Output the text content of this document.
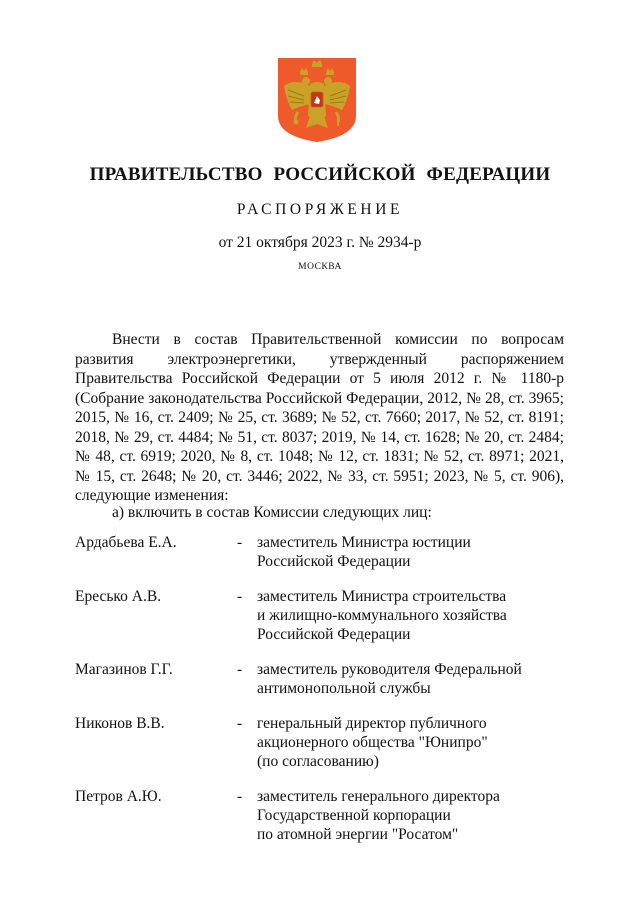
ПРАВИТЕЛЬСТВО РОССИЙСКОЙ ФЕДЕРАЦИИ
РАСПОРЯЖЕНИЕ
от 21 октября 2023 г. № 2934-р
МОСКВА

Внести в состав Правительственной комиссии по вопросам развития электроэнергетики, утвержденный распоряжением Правительства Российской Федерации от 5 июля 2012 г. № 1180-р (Собрание законодательства Российской Федерации, 2012, № 28, ст. 3965; 2015, № 16, ст. 2409; № 25, ст. 3689; № 52, ст. 7660; 2017, № 52, ст. 8191; 2018, № 29, ст. 4484; № 51, ст. 8037; 2019, № 14, ст. 1628; № 20, ст. 2484; № 48, ст. 6919; 2020, № 8, ст. 1048; № 12, ст. 1831; № 52, ст. 8971; 2021, № 15, ст. 2648; № 20, ст. 3446; 2022, № 33, ст. 5951; 2023, № 5, ст. 906), следующие изменения:

а) включить в состав Комиссии следующих лиц:

Ардабьева Е.А.	- заместитель Министра юстиции
Российской Федерации
Ересько А.В.	- заместитель Министра строительства
и жилищно-коммунального хозяйства
Российской Федерации
Магазинов Г.Г.	- заместитель руководителя Федеральной
антимонопольной службы
Никонов В.В.	- генеральный директор публичного
акционерного общества "Юнипро"
(по согласованию)
Петров А.Ю.	- заместитель генерального директора
Государственной корпорации
по атомной энергии "Росатом"
